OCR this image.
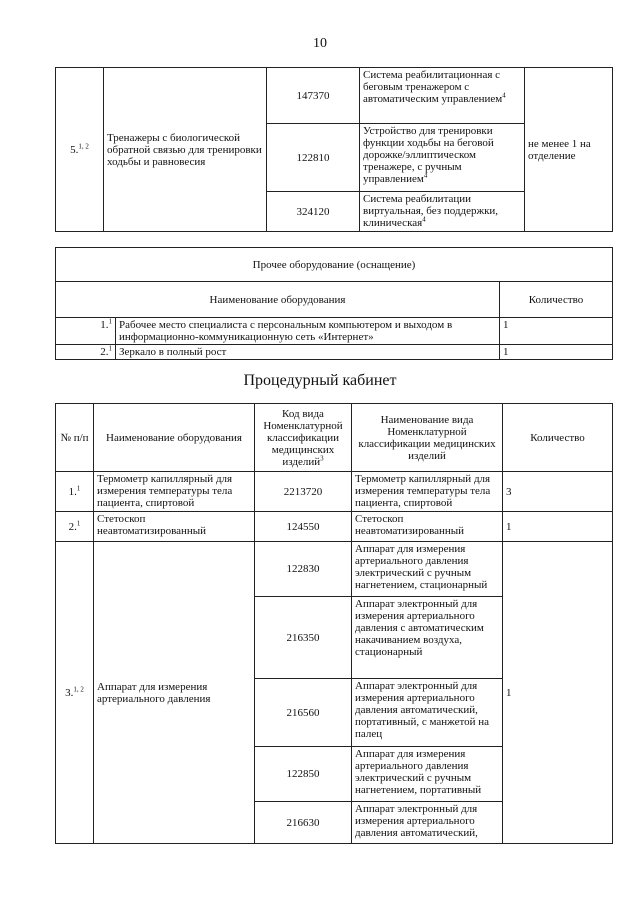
10
5.$^{1, 2}$	Тренажеры с биологической обратной связью для тренировки ходьбы и равновесия	147370	Система реабилитационная с беговым тренажером с автоматическим управлением$^4$	не менее 1 на отделение
		122810	Устройство для тренировки функции ходьбы на беговой дорожке/эллиптическом тренажере, с ручным управлением$^4$
		324120	Система реабилитации виртуальная, без поддержки, клиническая$^4$
Прочее оборудование (оснащение)		
Наименование оборудования		Количество
1.$^1$	Рабочее место специалиста с персональным компьютером и выходом в информационно-коммуникационную сеть «Интернет»	1
2.$^1$	Зеркало в полный рост	1
Процедурный кабинет
№ п/п	Наименование оборудования	Код вида Номенклатурной классификации медицинских изделий$^3$	Наименование вида Номенклатурной классификации медицинских изделий	Количество
1.$^1$	Термометр капиллярный для измерения температуры тела пациента, спиртовой	2213720	Термометр капиллярный для измерения температуры тела пациента, спиртовой	3
2.$^1$	Стетоскоп неавтоматизированный	124550	Стетоскоп неавтоматизированный	1
3.$^{1, 2}$	Аппарат для измерения артериального давления	122830	Аппарат для измерения артериального давления электрический с ручным нагнетением, стационарный	1
		216350	Аппарат электронный для измерения артериального давления с автоматическим накачиванием воздуха, стационарный	
		216560	Аппарат электронный для измерения артериального давления автоматический, портативный, с манжетой на палец	
		122850	Аппарат для измерения артериального давления электрический с ручным нагнетением, портативный	
		216630	Аппарат электронный для измерения артериального давления автоматический,	
